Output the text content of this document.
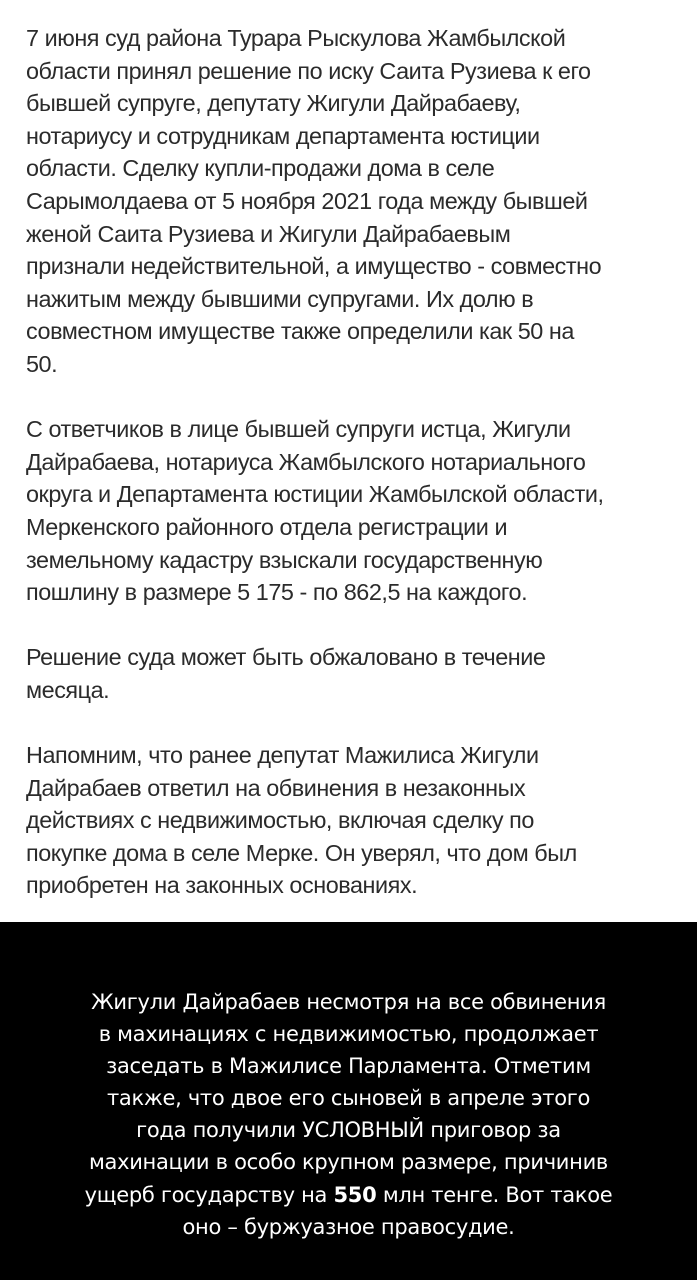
7 июня суд района Турара Рыскулова Жамбылской
области принял решение по иску Саита Рузиева к его
бывшей супруге, депутату Жигули Дайрабаеву,
нотариусу и сотрудникам департамента юстиции
области. Сделку купли-продажи дома в селе
Сарымолдаева от 5 ноября 2021 года между бывшей
женой Саита Рузиева и Жигули Дайрабаевым
признали недействительной, а имущество - совместно
нажитым между бывшими супругами. Их долю в
совместном имуществе также определили как 50 на
50.

С ответчиков в лице бывшей супруги истца, Жигули
Дайрабаева, нотариуса Жамбылского нотариального
округа и Департамента юстиции Жамбылской области,
Меркенского районного отдела регистрации и
земельному кадастру взыскали государственную
пошлину в размере 5 175 - по 862,5 на каждого.

Решение суда может быть обжаловано в течение
месяца.

Напомним, что ранее депутат Мажилиса Жигули
Дайрабаев ответил на обвинения в незаконных
действиях с недвижимостью, включая сделку по
покупке дома в селе Мерке. Он уверял, что дом был
приобретен на законных основаниях.

Жигули Дайрабаев несмотря на все обвинения
в махинациях с недвижимостью, продолжает
заседать в Мажилисе Парламента. Отметим
также, что двое его сыновей в апреле этого
года получили УСЛОВНЫЙ приговор за
махинации в особо крупном размере, причинив
ущерб государству на 550 млн тенге. Вот такое
оно – буржуазное правосудие.
